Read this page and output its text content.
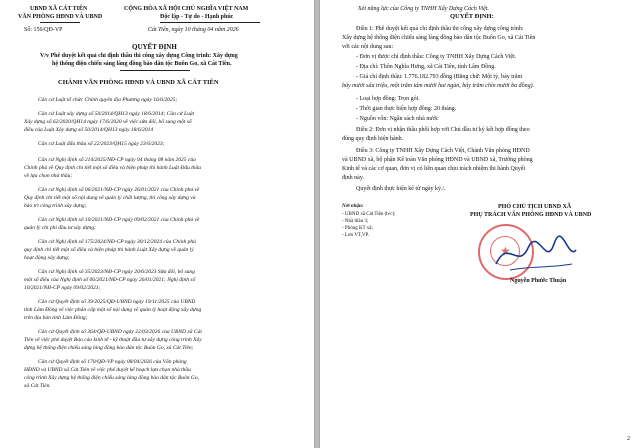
UBND XÃ CÁT TIÊN
VĂN PHÒNG HĐND VÀ UBND
Số: 156/QĐ-VP
CỘNG HÒA XÃ HỘI CHỦ NGHĨA VIỆT NAM
Độc lập - Tự do - Hạnh phúc
Cát Tiên, ngày 10 tháng 04 năm 2026
QUYẾT ĐỊNH
V/v Phê duyệt kết quả chỉ định thầu thi công xây dựng Công trình: Xây dựng
hệ thống điện chiếu sáng làng đồng bào dân tộc Buôn Go, xã Cát Tiên.
CHÁNH VĂN PHÒNG HĐND VÀ UBND XÃ CÁT TIÊN
Căn cứ Luật tổ chức Chính quyền địa Phương ngày 16/6/2025;
Căn cứ Luật xây dựng số 50/2014/QH13 ngày 18/6/2014; Căn cứ Luật
Xây dựng số 62/2020/QH14 ngày 17/6/2020 về việc sửa đổi, bổ sung một số
điều của Luật Xây dựng số 50/2014/QH13 ngày 18/6/2014
Căn cứ Luật đấu thầu số 22/2023/QH15 ngày 23/6/2023;
Căn cứ Nghị định số 214/2025/NĐ-CP ngày 04 tháng 08 năm 2025 của
Chính phủ về Quy định chi tiết một số điều và biện pháp thi hành Luật Đấu thầu
về lựa chọn nhà thầu;
Căn cứ Nghị định số 06/2021/NĐ-CP ngày 26/01/2021 của Chính phủ về
Quy định chi tiết một số nội dung về quản lý chất lượng, thi công xây dựng và
bảo trì công trình xây dựng;
Căn cứ Nghị định số 10/2021/NĐ-CP ngày 09/02/2021 của Chính phủ về
quản lý chi phí đầu tư xây dựng;
Căn cứ Nghị định số 175/2024/NĐ-CP ngày 30/12/2024 của Chính phủ
quy định chi tiết một số điều và biện pháp thi hành Luật Xây dựng về quản lý
hoạt động xây dựng;
Căn cứ Nghị định số 35/2023/NĐ-CP ngày 20/6/2023 Sửa đổi, bổ sung
một số điều của Nghị định số 06/2021/NĐ-CP ngày 26/01/2021; Nghị định số
10/2021/NĐ-CP ngày 09/02/2021;
Căn cứ Quyết định số 39/2025/QĐ-UBND ngày 19/11/2025 của UBND
tỉnh Lâm Đồng về việc phân cấp một số nội dung về quản lý hoạt động xây dựng
trên địa bàn tỉnh Lâm Đồng;
Căn cứ Quyết định số 364/QĐ-UBND ngày 22/03/2026 của UBND xã Cát
Tiên về việc phê duyệt Báo cáo kinh tế - kỹ thuật đầu tư xây dựng công trình Xây
dựng hệ thống điện chiếu sáng làng đồng bào dân tộc Buôn Go, xã Cát Tiên;
Căn cứ Quyết định số 170/QĐ-VP ngày 08/04/2026 của Văn phòng
HĐND và UBND xã Cát Tiên về việc phê duyệt kế hoạch lựa chọn nhà thầu
công trình Xây dựng hệ thống điện chiếu sáng làng đồng bào dân tộc Buôn Go,
xã Cát Tiên.
Xét năng lực của Công ty TNHH Xây Dựng Cách Việt.
QUYẾT ĐỊNH:
Điều 1: Phê duyệt kết quả chỉ định thầu thi công xây dựng công trình:
Xây dựng hệ thống điện chiếu sáng làng đồng bào dân tộc Buôn Go, xã Cát Tiên
với các nội dung sau:
- Đơn vị được chỉ định thầu: Công ty TNHH Xây Dựng Cách Việt.
- Địa chỉ: Thôn Nghĩa Hưng, xã Cát Tiên, tỉnh Lâm Đồng.
- Giá chỉ định thầu: 1.776.182.793 đồng (Bằng chữ: Một tỷ, bảy trăm
bảy mươi sáu triệu, một trăm tám mươi hai ngàn, bảy trăm chín mươi ba đồng).
- Loại hợp đồng: Trọn gói.
- Thời gian thực hiện hợp đồng: 20 tháng.
- Nguồn vốn: Ngân sách nhà nước
Điều 2: Đơn vị nhận thầu phối hợp với Chủ đầu tư ký kết hợp đồng theo
đúng quy định hiện hành.
Điều 3: Công ty TNHH Xây Dựng Cách Việt, Chánh Văn phòng HĐND
và UBND xã, bộ phận Kế toán Văn phòng HĐND và UBND xã, Trưởng phòng
Kinh tế và các cơ quan, đơn vị có liên quan chịu trách nhiệm thi hành Quyết
định này.
Quyết định thực hiện kể từ ngày ký./.
Nơi nhận:
- UBND xã Cát Tiên (b/c);
- Nhà thầu 3;
- Phòng KT xã;
- Lưu VT,VP.
PHÓ CHỦ TỊCH UBND XÃ
PHỤ TRÁCH VĂN PHÒNG HĐND VÀ UBND
★
Nguyễn Phước Thuận
2
